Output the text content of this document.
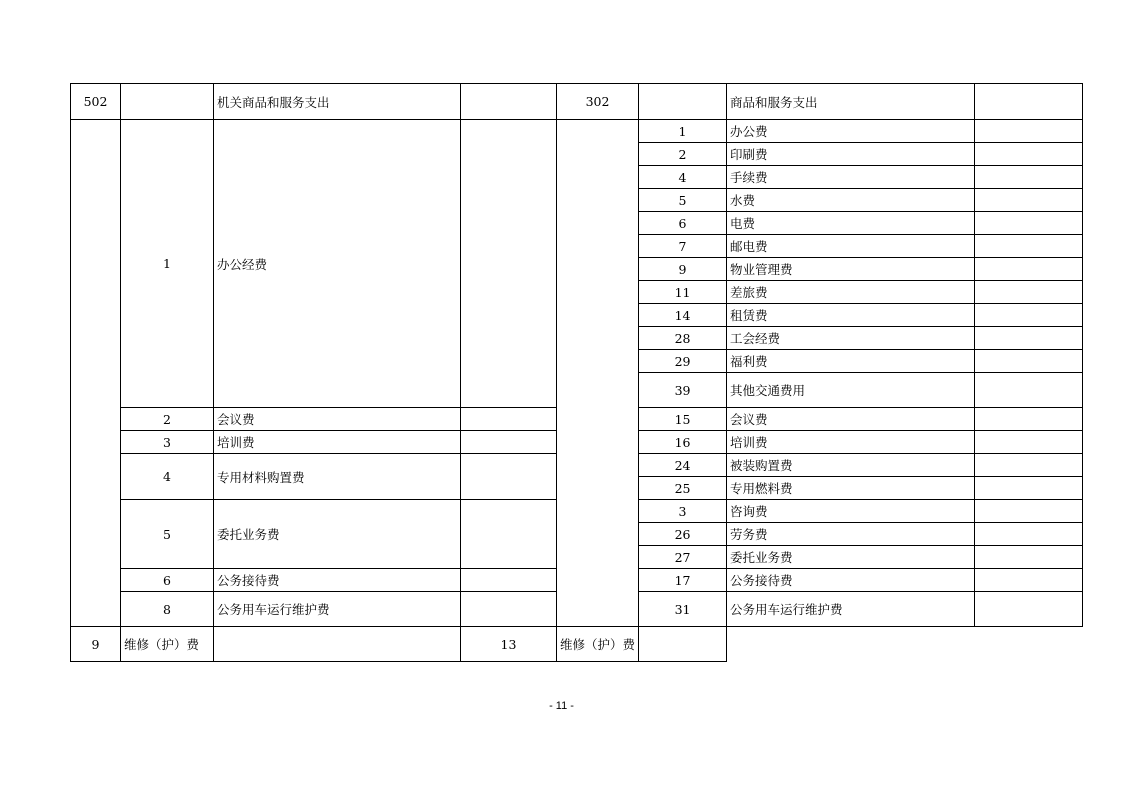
502		机关商品和服务支出		302		商品和服务支出	
	1	办公经费			1	办公费	
					2	印刷费	
					4	手续费	
					5	水费	
					6	电费	
					7	邮电费	
					9	物业管理费	
					11	差旅费	
					14	租赁费	
					28	工会经费	
					29	福利费	
					39	其他交通费用	
	2	会议费			15	会议费	
	3	培训费			16	培训费	
	4	专用材料购置费			24	被装购置费	
					25	专用燃料费	
	5	委托业务费			3	咨询费	
					26	劳务费	
					27	委托业务费	
	6	公务接待费			17	公务接待费	
	8	公务用车运行维护费			31	公务用车运行维护费	
9	维修（护）费		13	维修（护）费			
- 11 -
